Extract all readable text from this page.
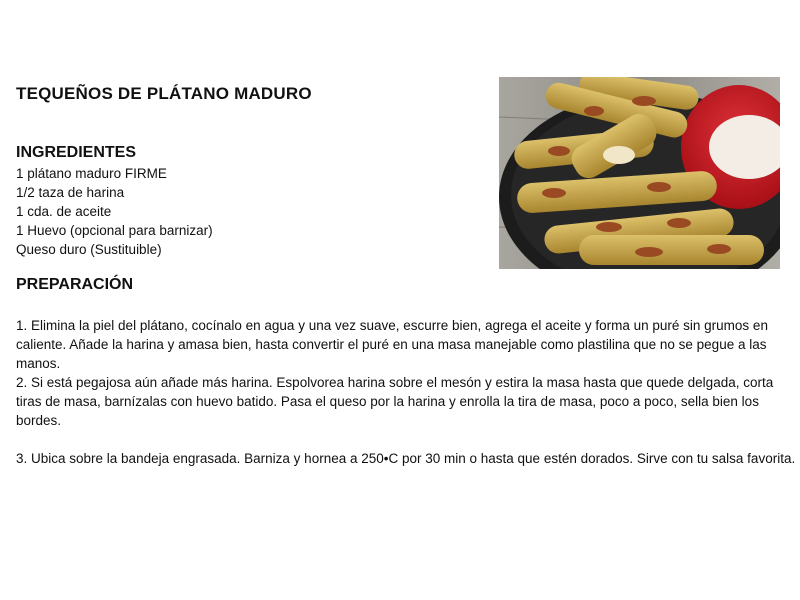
TEQUEÑOS DE PLÁTANO MADURO
INGREDIENTES
1 plátano maduro FIRME
1/2 taza de harina
1 cda. de aceite
1 Huevo (opcional para barnizar)
Queso duro (Sustituible)
PREPARACIÓN

1. Elimina la piel del plátano, cocínalo en agua y una vez suave, escurre bien, agrega el aceite y forma un puré sin grumos en caliente. Añade la harina y amasa bien, hasta convertir el puré en una masa manejable como plastilina que no se pegue a las manos.

2. Si está pegajosa aún añade más harina. Espolvorea harina sobre el mesón y estira la masa hasta que quede delgada, corta tiras de masa, barnízalas con huevo batido. Pasa el queso por la harina y enrolla la tira de masa, poco a poco, sella bien los bordes.

3. Ubica sobre la bandeja engrasada. Barniza y hornea a 250•C por 30 min o hasta que estén dorados. Sirve con tu salsa favorita.
